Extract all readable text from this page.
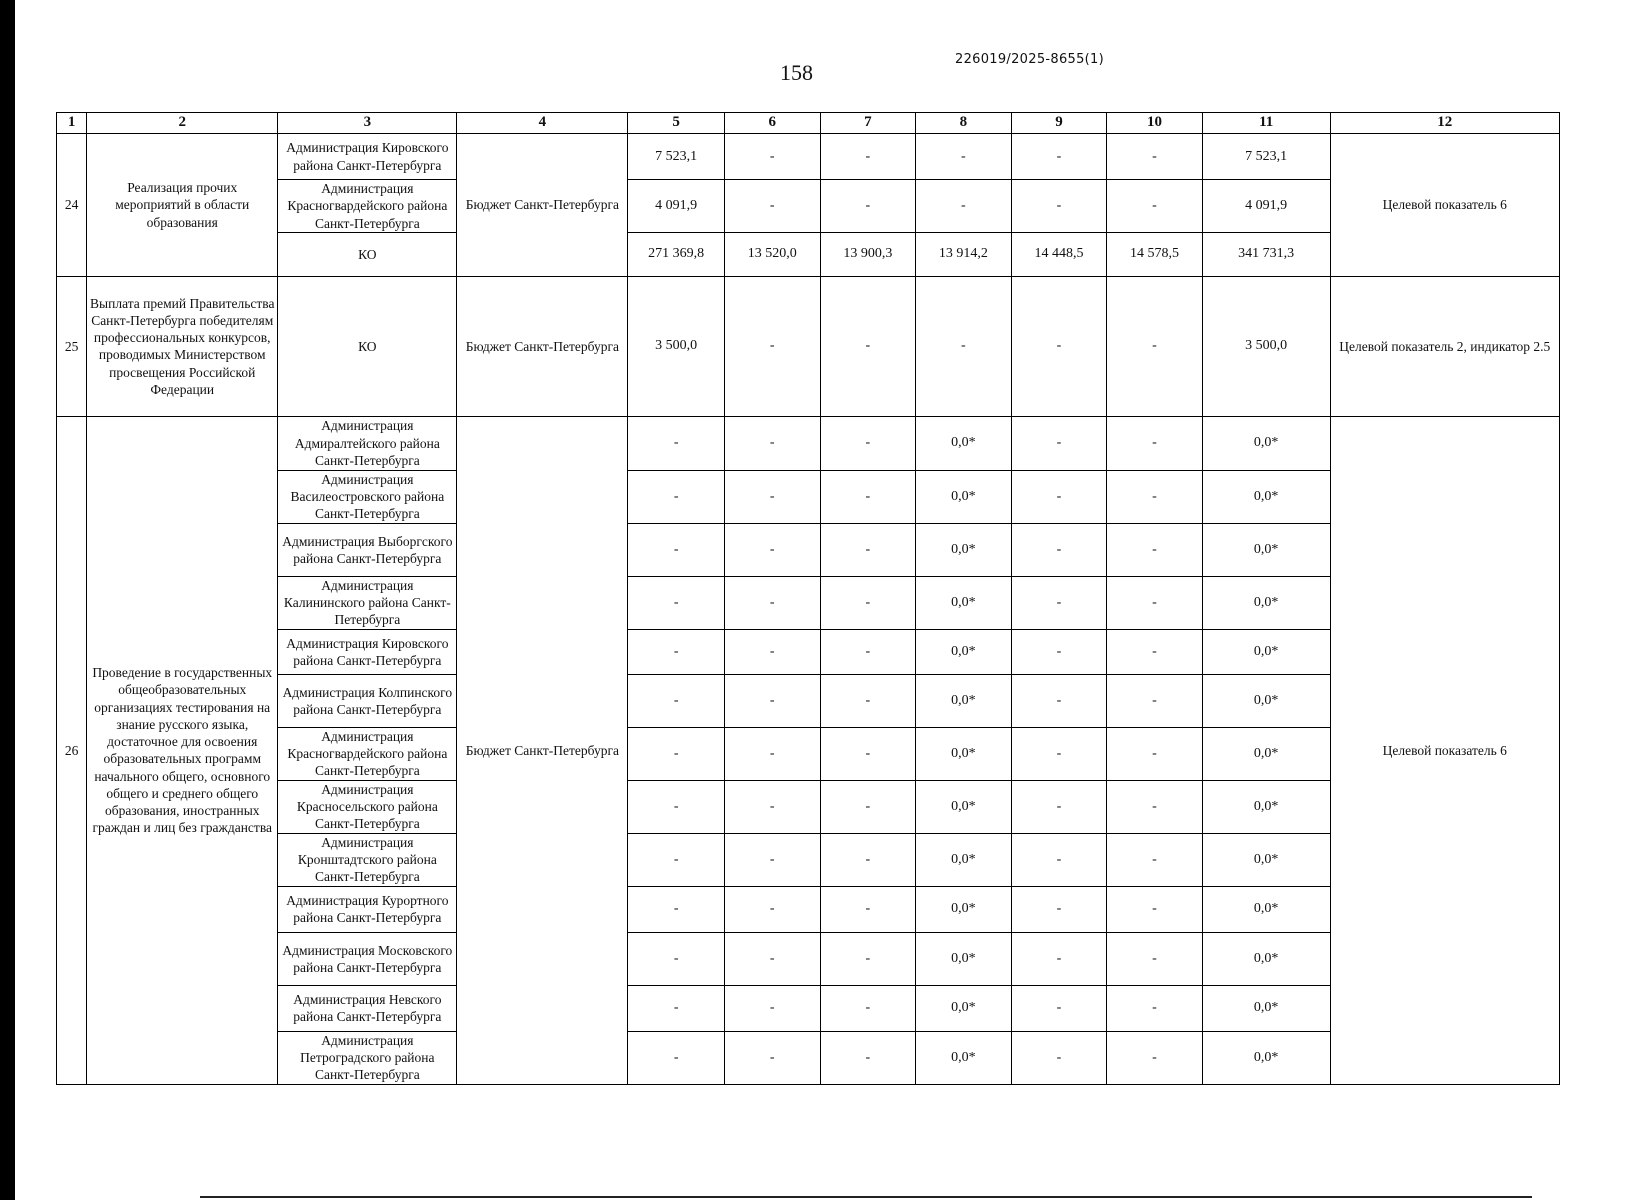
158
226019/2025-8655(1)
1	2	3	4	5	6	7	8	9	10	11	12
24	Реализация прочих мероприятий в области образования	Администрация Кировского района Санкт-Петербурга	Бюджет Санкт-Петербурга	7 523,1	-	-	-	-	-	7 523,1	Целевой показатель 6
		Администрация Красногвардейского района Санкт-Петербурга		4 091,9	-	-	-	-	-	4 091,9	
		КО		271 369,8	13 520,0	13 900,3	13 914,2	14 448,5	14 578,5	341 731,3	
25	Выплата премий Правительства Санкт-Петербурга победителям профессиональных конкурсов, проводимых Министерством просвещения Российской Федерации	КО	Бюджет Санкт-Петербурга	3 500,0	-	-	-	-	-	3 500,0	Целевой показатель 2, индикатор 2.5
26	Проведение в государственных общеобразовательных организациях тестирования на знание русского языка, достаточное для освоения образовательных программ начального общего, основного общего и среднего общего образования, иностранных граждан и лиц без гражданства	Администрация Адмиралтейского района Санкт-Петербурга	Бюджет Санкт-Петербурга	-	-	-	0,0*	-	-	0,0*	Целевой показатель 6
		Администрация Василеостровского района Санкт-Петербурга		-	-	-	0,0*	-	-	0,0*	
		Администрация Выборгского района Санкт-Петербурга		-	-	-	0,0*	-	-	0,0*	
		Администрация Калининского района Санкт-Петербурга		-	-	-	0,0*	-	-	0,0*	
		Администрация Кировского района Санкт-Петербурга		-	-	-	0,0*	-	-	0,0*	
		Администрация Колпинского района Санкт-Петербурга		-	-	-	0,0*	-	-	0,0*	
		Администрация Красногвардейского района Санкт-Петербурга		-	-	-	0,0*	-	-	0,0*	
		Администрация Красносельского района Санкт-Петербурга		-	-	-	0,0*	-	-	0,0*	
		Администрация Кронштадтского района Санкт-Петербурга		-	-	-	0,0*	-	-	0,0*	
		Администрация Курортного района Санкт-Петербурга		-	-	-	0,0*	-	-	0,0*	
		Администрация Московского района Санкт-Петербурга		-	-	-	0,0*	-	-	0,0*	
		Администрация Невского района Санкт-Петербурга		-	-	-	0,0*	-	-	0,0*	
		Администрация Петроградского района Санкт-Петербурга		-	-	-	0,0*	-	-	0,0*	
